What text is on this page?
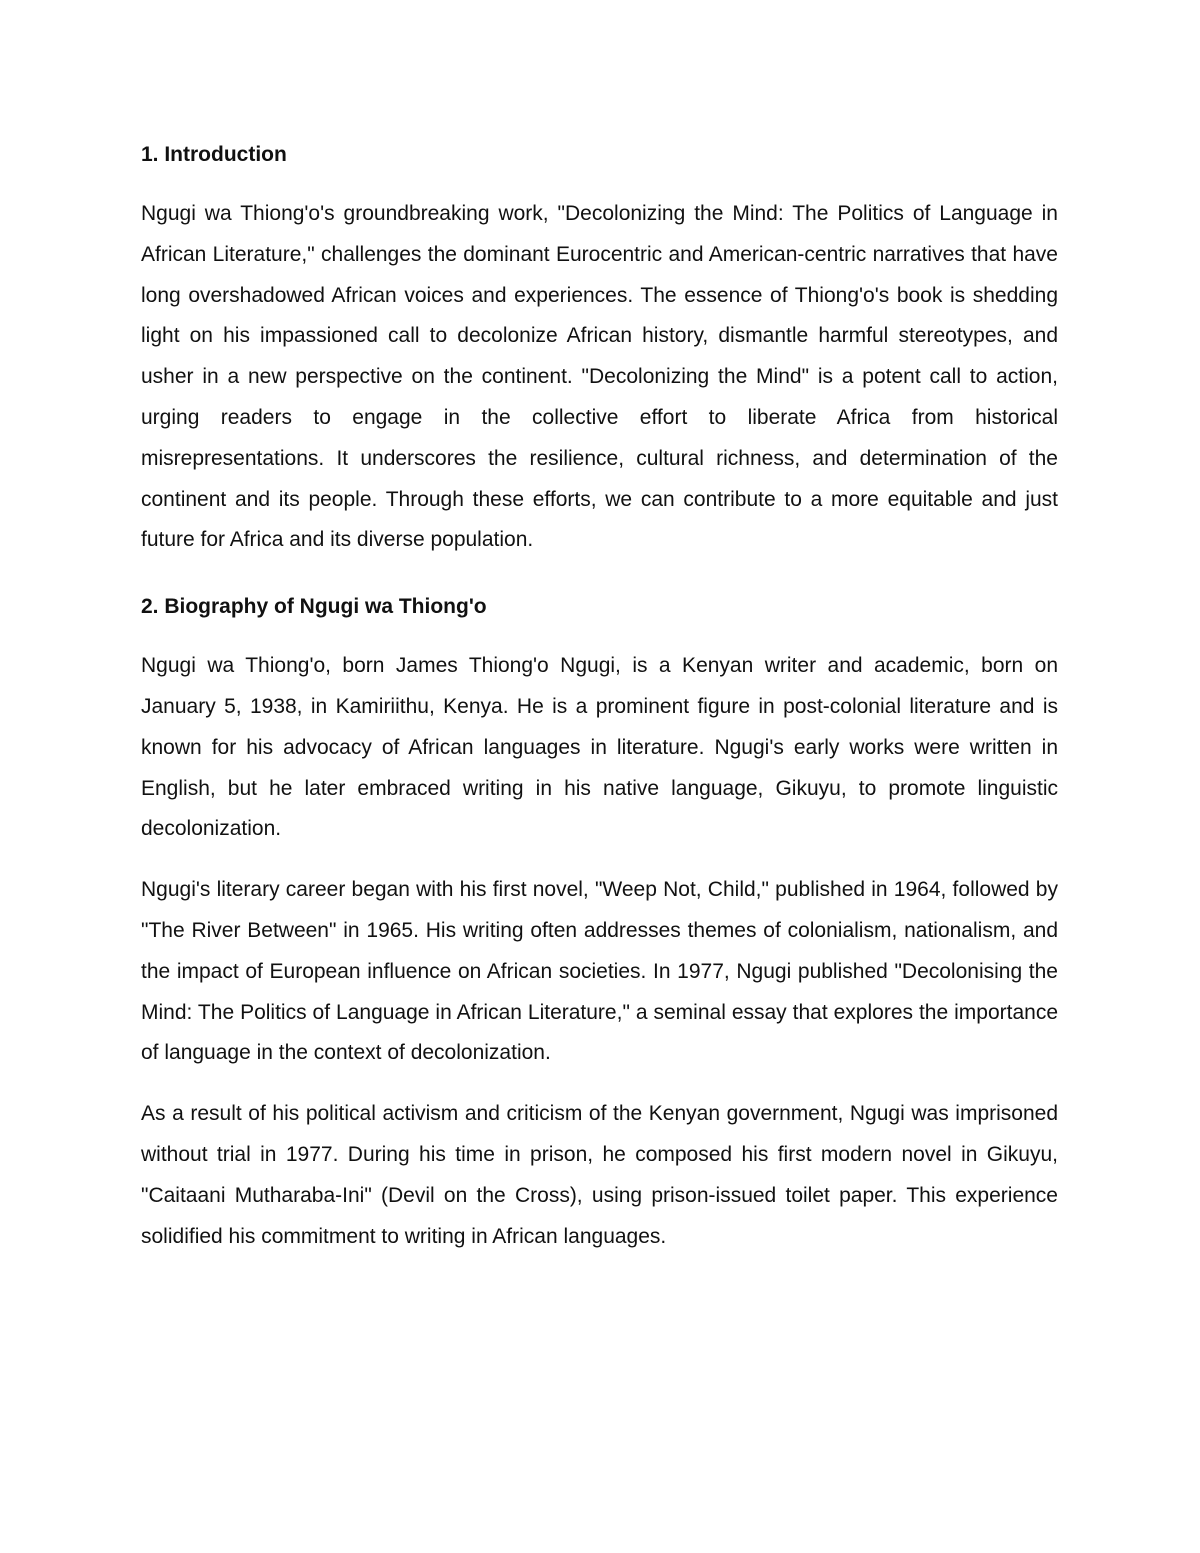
1. Introduction

Ngugi wa Thiong'o's groundbreaking work, "Decolonizing the Mind: The Politics of Language in African Literature," challenges the dominant Eurocentric and American-centric narratives that have long overshadowed African voices and experiences. The essence of Thiong'o's book is shedding light on his impassioned call to decolonize African history, dismantle harmful stereotypes, and usher in a new perspective on the continent. "Decolonizing the Mind" is a potent call to action, urging readers to engage in the collective effort to liberate Africa from historical misrepresentations. It underscores the resilience, cultural richness, and determination of the continent and its people. Through these efforts, we can contribute to a more equitable and just future for Africa and its diverse population.

2. Biography of Ngugi wa Thiong'o

Ngugi wa Thiong'o, born James Thiong'o Ngugi, is a Kenyan writer and academic, born on January 5, 1938, in Kamiriithu, Kenya. He is a prominent figure in post-colonial literature and is known for his advocacy of African languages in literature. Ngugi's early works were written in English, but he later embraced writing in his native language, Gikuyu, to promote linguistic decolonization.

Ngugi's literary career began with his first novel, "Weep Not, Child," published in 1964, followed by "The River Between" in 1965. His writing often addresses themes of colonialism, nationalism, and the impact of European influence on African societies. In 1977, Ngugi published "Decolonising the Mind: The Politics of Language in African Literature," a seminal essay that explores the importance of language in the context of decolonization.

As a result of his political activism and criticism of the Kenyan government, Ngugi was imprisoned without trial in 1977. During his time in prison, he composed his first modern novel in Gikuyu, "Caitaani Mutharaba-Ini" (Devil on the Cross), using prison-issued toilet paper. This experience solidified his commitment to writing in African languages.
